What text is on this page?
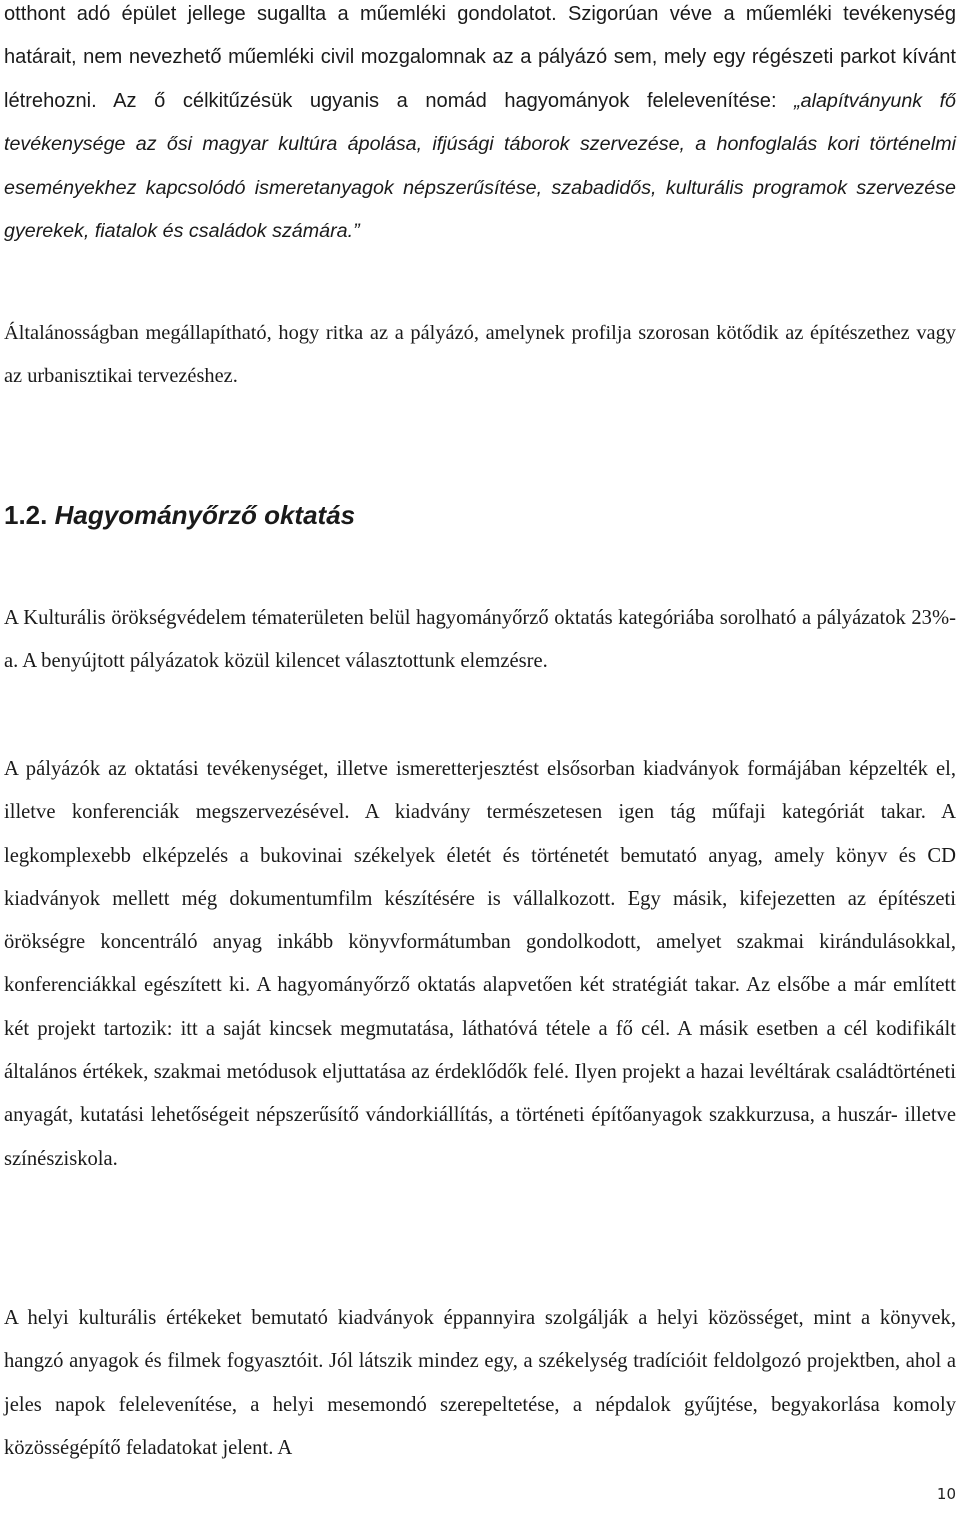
otthont adó épület jellege sugallta a műemléki gondolatot. Szigorúan véve a műemléki tevékenység határait, nem nevezhető műemléki civil mozgalomnak az a pályázó sem, mely egy régészeti parkot kívánt létrehozni. Az ő célkitűzésük ugyanis a nomád hagyományok felelevenítése: „alapítványunk fő tevékenysége az ősi magyar kultúra ápolása, ifjúsági táborok szervezése, a honfoglalás kori történelmi eseményekhez kapcsolódó ismeretanyagok népszerűsítése, szabadidős, kulturális programok szervezése gyerekek, fiatalok és családok számára.”

Általánosságban megállapítható, hogy ritka az a pályázó, amelynek profilja szorosan kötődik az építészethez vagy az urbanisztikai tervezéshez.

1.2. Hagyományőrző oktatás

A Kulturális örökségvédelem tématerületen belül hagyományőrző oktatás kategóriába sorolható a pályázatok 23%-a. A benyújtott pályázatok közül kilencet választottunk elemzésre.

A pályázók az oktatási tevékenységet, illetve ismeretterjesztést elsősorban kiadványok formájában képzelték el, illetve konferenciák megszervezésével. A kiadvány természetesen igen tág műfaji kategóriát takar. A legkomplexebb elképzelés a bukovinai székelyek életét és történetét bemutató anyag, amely könyv és CD kiadványok mellett még dokumentumfilm készítésére is vállalkozott. Egy másik, kifejezetten az építészeti örökségre koncentráló anyag inkább könyvformátumban gondolkodott, amelyet szakmai kirándulásokkal, konferenciákkal egészített ki. A hagyományőrző oktatás alapvetően két stratégiát takar. Az elsőbe a már említett két projekt tartozik: itt a saját kincsek megmutatása, láthatóvá tétele a fő cél. A másik esetben a cél kodifikált általános értékek, szakmai metódusok eljuttatása az érdeklődők felé. Ilyen projekt a hazai levéltárak családtörténeti anyagát, kutatási lehetőségeit népszerűsítő vándorkiállítás, a történeti építőanyagok szakkurzusa, a huszár- illetve színésziskola.

A helyi kulturális értékeket bemutató kiadványok éppannyira szolgálják a helyi közösséget, mint a könyvek, hangzó anyagok és filmek fogyasztóit. Jól látszik mindez egy, a székelység tradícióit feldolgozó projektben, ahol a jeles napok felelevenítése, a helyi mesemondó szerepeltetése, a népdalok gyűjtése, begyakorlása komoly közösségépítő feladatokat jelent. A

10
